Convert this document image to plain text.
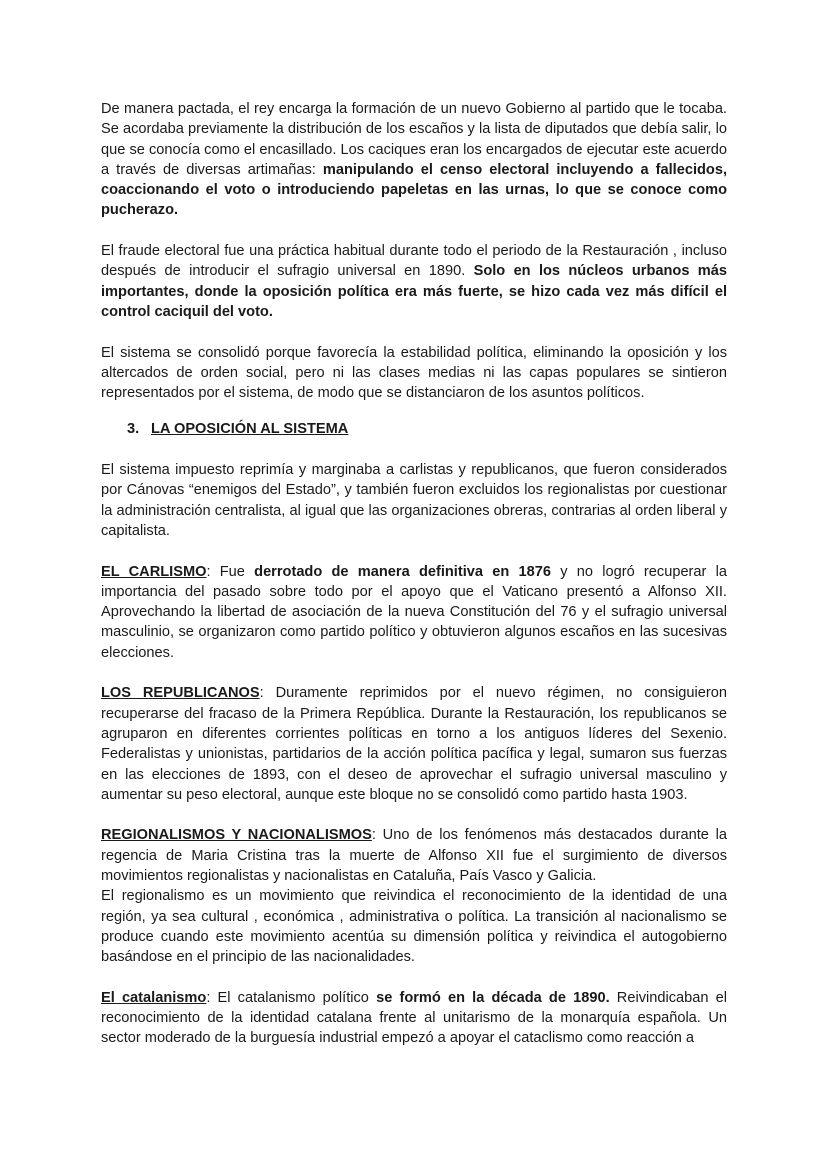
De manera pactada, el rey encarga la formación de un nuevo Gobierno al partido que le tocaba. Se acordaba previamente la distribución de los escaños y la lista de diputados que debía salir, lo que se conocía como el encasillado. Los caciques eran los encargados de ejecutar este acuerdo a través de diversas artimañas: manipulando el censo electoral incluyendo a fallecidos, coaccionando el voto o introduciendo papeletas en las urnas, lo que se conoce como pucherazo.

El fraude electoral fue una práctica habitual durante todo el periodo de la Restauración , incluso después de introducir el sufragio universal en 1890. Solo en los núcleos urbanos más importantes, donde la oposición política era más fuerte, se hizo cada vez más difícil el control caciquil del voto.

El sistema se consolidó porque favorecía la estabilidad política, eliminando la oposición y los altercados de orden social, pero ni las clases medias ni las capas populares se sintieron representados por el sistema, de modo que se distanciaron de los asuntos políticos.

3. LA OPOSICIÓN AL SISTEMA

El sistema impuesto reprimía y marginaba a carlistas y republicanos, que fueron considerados por Cánovas “enemigos del Estado”, y también fueron excluidos los regionalistas por cuestionar la administración centralista, al igual que las organizaciones obreras, contrarias al orden liberal y capitalista.

EL CARLISMO: Fue derrotado de manera definitiva en 1876 y no logró recuperar la importancia del pasado sobre todo por el apoyo que el Vaticano presentó a Alfonso XII. Aprovechando la libertad de asociación de la nueva Constitución del 76 y el sufragio universal masculinio, se organizaron como partido político y obtuvieron algunos escaños en las sucesivas elecciones.

LOS REPUBLICANOS: Duramente reprimidos por el nuevo régimen, no consiguieron recuperarse del fracaso de la Primera República. Durante la Restauración, los republicanos se agruparon en diferentes corrientes políticas en torno a los antiguos líderes del Sexenio. Federalistas y unionistas, partidarios de la acción política pacífica y legal, sumaron sus fuerzas en las elecciones de 1893, con el deseo de aprovechar el sufragio universal masculino y aumentar su peso electoral, aunque este bloque no se consolidó como partido hasta 1903.

REGIONALISMOS Y NACIONALISMOS: Uno de los fenómenos más destacados durante la regencia de Maria Cristina tras la muerte de Alfonso XII fue el surgimiento de diversos movimientos regionalistas y nacionalistas en Cataluña, País Vasco y Galicia.

El regionalismo es un movimiento que reivindica el reconocimiento de la identidad de una región, ya sea cultural , económica , administrativa o política. La transición al nacionalismo se produce cuando este movimiento acentúa su dimensión política y reivindica el autogobierno basándose en el principio de las nacionalidades.

El catalanismo: El catalanismo político se formó en la década de 1890. Reivindicaban el reconocimiento de la identidad catalana frente al unitarismo de la monarquía española. Un sector moderado de la burguesía industrial empezó a apoyar el cataclismo como reacción a
